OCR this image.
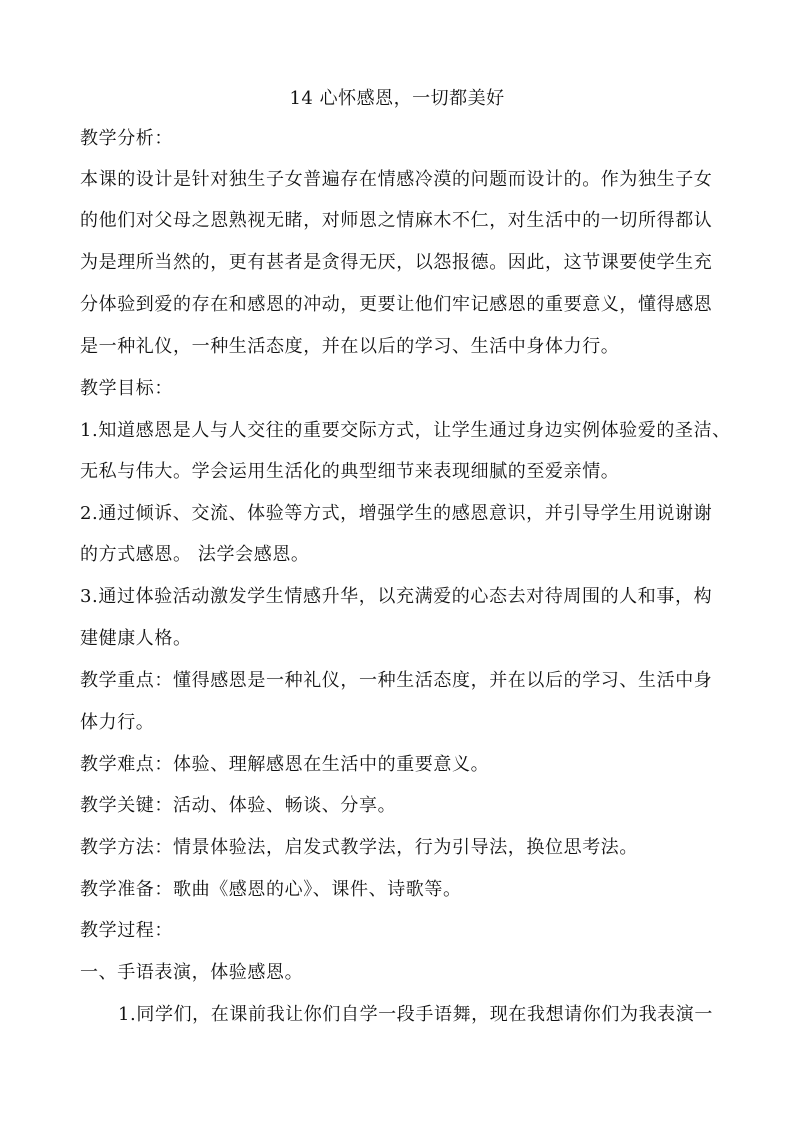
14 心怀感恩，一切都美好
教学分析：
本课的设计是针对独生子女普遍存在情感冷漠的问题而设计的。作为独生子女
的他们对父母之恩熟视无睹，对师恩之情麻木不仁，对生活中的一切所得都认
为是理所当然的，更有甚者是贪得无厌，以怨报德。因此，这节课要使学生充
分体验到爱的存在和感恩的冲动，更要让他们牢记感恩的重要意义，懂得感恩
是一种礼仪，一种生活态度，并在以后的学习、生活中身体力行。
教学目标：
1.知道感恩是人与人交往的重要交际方式，让学生通过身边实例体验爱的圣洁、
无私与伟大。学会运用生活化的典型细节来表现细腻的至爱亲情。
2.通过倾诉、交流、体验等方式，增强学生的感恩意识，并引导学生用说谢谢
的方式感恩。 法学会感恩。
3.通过体验活动激发学生情感升华，以充满爱的心态去对待周围的人和事，构
建健康人格。
教学重点：懂得感恩是一种礼仪，一种生活态度，并在以后的学习、生活中身
体力行。
教学难点：体验、理解感恩在生活中的重要意义。
教学关键：活动、体验、畅谈、分享。
教学方法：情景体验法，启发式教学法，行为引导法，换位思考法。
教学准备：歌曲《感恩的心》、课件、诗歌等。
教学过程：
一、手语表演，体验感恩。
1.同学们，在课前我让你们自学一段手语舞，现在我想请你们为我表演一
